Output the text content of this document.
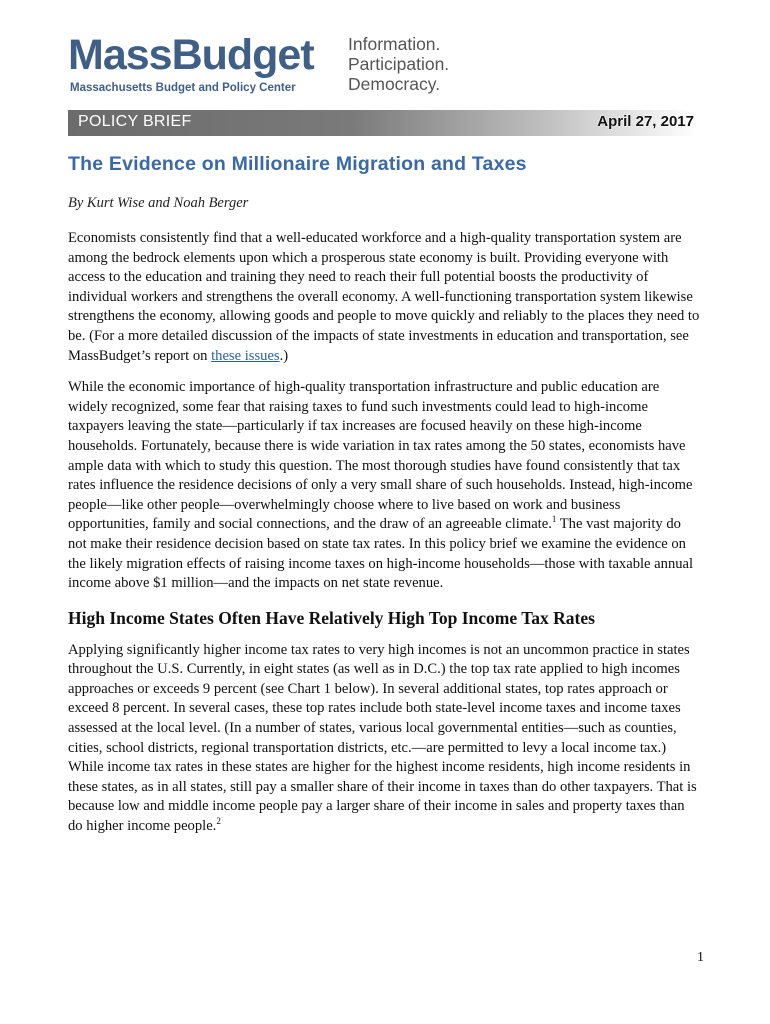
MassBudget
Massachusetts Budget and Policy Center
Information.
Participation.
Democracy.
POLICY BRIEF	April 27, 2017
The Evidence on Millionaire Migration and Taxes

By Kurt Wise and Noah Berger

Economists consistently find that a well-educated workforce and a high-quality transportation system are among the bedrock elements upon which a prosperous state economy is built. Providing everyone with access to the education and training they need to reach their full potential boosts the productivity of individual workers and strengthens the overall economy. A well-functioning transportation system likewise strengthens the economy, allowing goods and people to move quickly and reliably to the places they need to be. (For a more detailed discussion of the impacts of state investments in education and transportation, see MassBudget’s report on these issues.)

While the economic importance of high-quality transportation infrastructure and public education are widely recognized, some fear that raising taxes to fund such investments could lead to high-income taxpayers leaving the state—particularly if tax increases are focused heavily on these high-income households. Fortunately, because there is wide variation in tax rates among the 50 states, economists have ample data with which to study this question. The most thorough studies have found consistently that tax rates influence the residence decisions of only a very small share of such households. Instead, high-income people—like other people—overwhelmingly choose where to live based on work and business opportunities, family and social connections, and the draw of an agreeable climate.$^1$ The vast majority do not make their residence decision based on state tax rates. In this policy brief we examine the evidence on the likely migration effects of raising income taxes on high-income households—those with taxable annual income above $1 million—and the impacts on net state revenue.

High Income States Often Have Relatively High Top Income Tax Rates

Applying significantly higher income tax rates to very high incomes is not an uncommon practice in states throughout the U.S. Currently, in eight states (as well as in D.C.) the top tax rate applied to high incomes approaches or exceeds 9 percent (see Chart 1 below). In several additional states, top rates approach or exceed 8 percent. In several cases, these top rates include both state-level income taxes and income taxes assessed at the local level. (In a number of states, various local governmental entities—such as counties, cities, school districts, regional transportation districts, etc.—are permitted to levy a local income tax.) While income tax rates in these states are higher for the highest income residents, high income residents in these states, as in all states, still pay a smaller share of their income in taxes than do other taxpayers. That is because low and middle income people pay a larger share of their income in sales and property taxes than do higher income people.$^2$

1
